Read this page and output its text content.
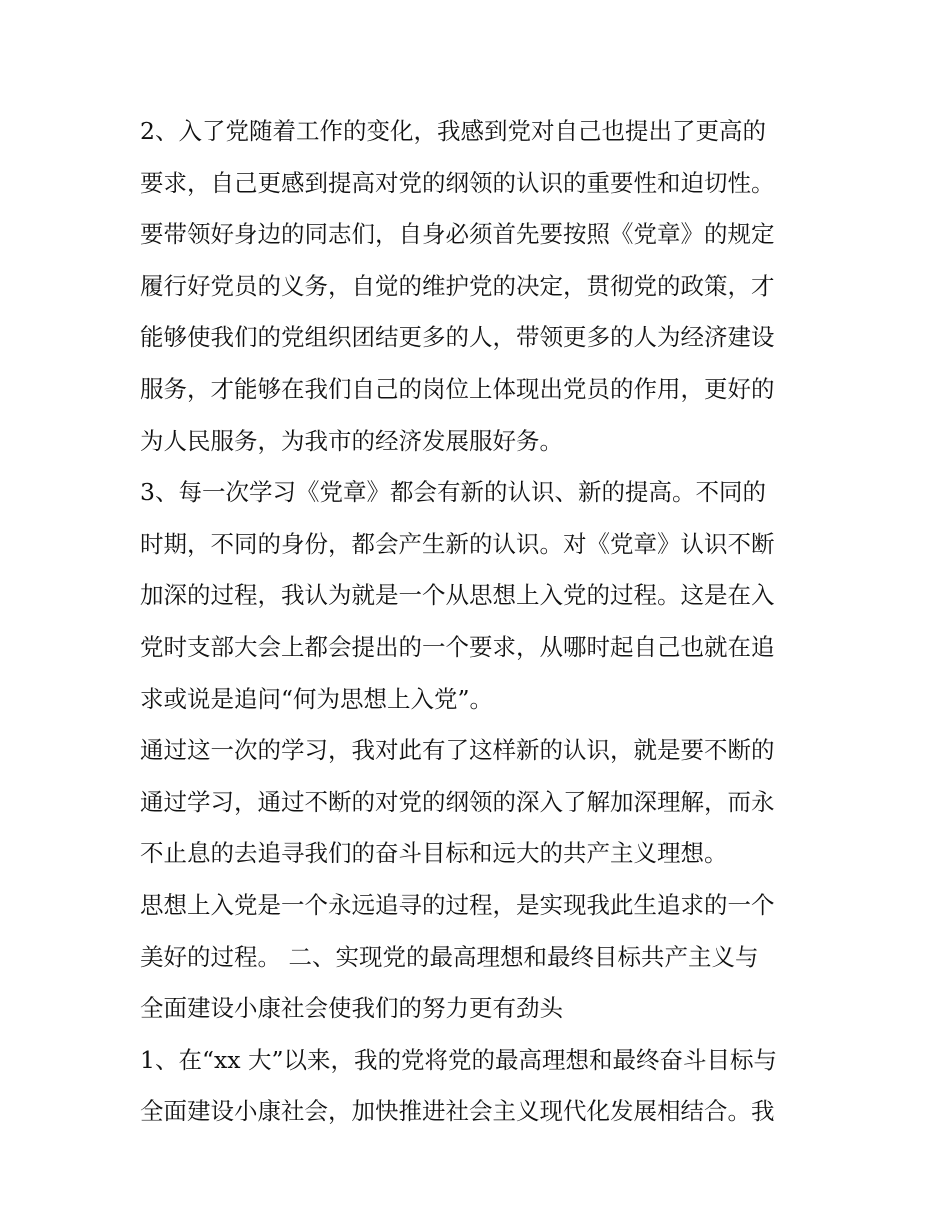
2、入了党随着工作的变化，我感到党对自己也提出了更高的
要求，自己更感到提高对党的纲领的认识的重要性和迫切性。
要带领好身边的同志们，自身必须首先要按照《党章》的规定
履行好党员的义务，自觉的维护党的决定，贯彻党的政策，才
能够使我们的党组织团结更多的人，带领更多的人为经济建设
服务，才能够在我们自己的岗位上体现出党员的作用，更好的
为人民服务，为我市的经济发展服好务。
3、每一次学习《党章》都会有新的认识、新的提高。不同的
时期，不同的身份，都会产生新的认识。对《党章》认识不断
加深的过程，我认为就是一个从思想上入党的过程。这是在入
党时支部大会上都会提出的一个要求，从哪时起自己也就在追
求或说是追问“何为思想上入党”。
通过这一次的学习，我对此有了这样新的认识，就是要不断的
通过学习，通过不断的对党的纲领的深入了解加深理解，而永
不止息的去追寻我们的奋斗目标和远大的共产主义理想。
思想上入党是一个永远追寻的过程，是实现我此生追求的一个
美好的过程。 二、实现党的最高理想和最终目标共产主义与
全面建设小康社会使我们的努力更有劲头
1、在“xx 大”以来，我的党将党的最高理想和最终奋斗目标与
全面建设小康社会，加快推进社会主义现代化发展相结合。我
